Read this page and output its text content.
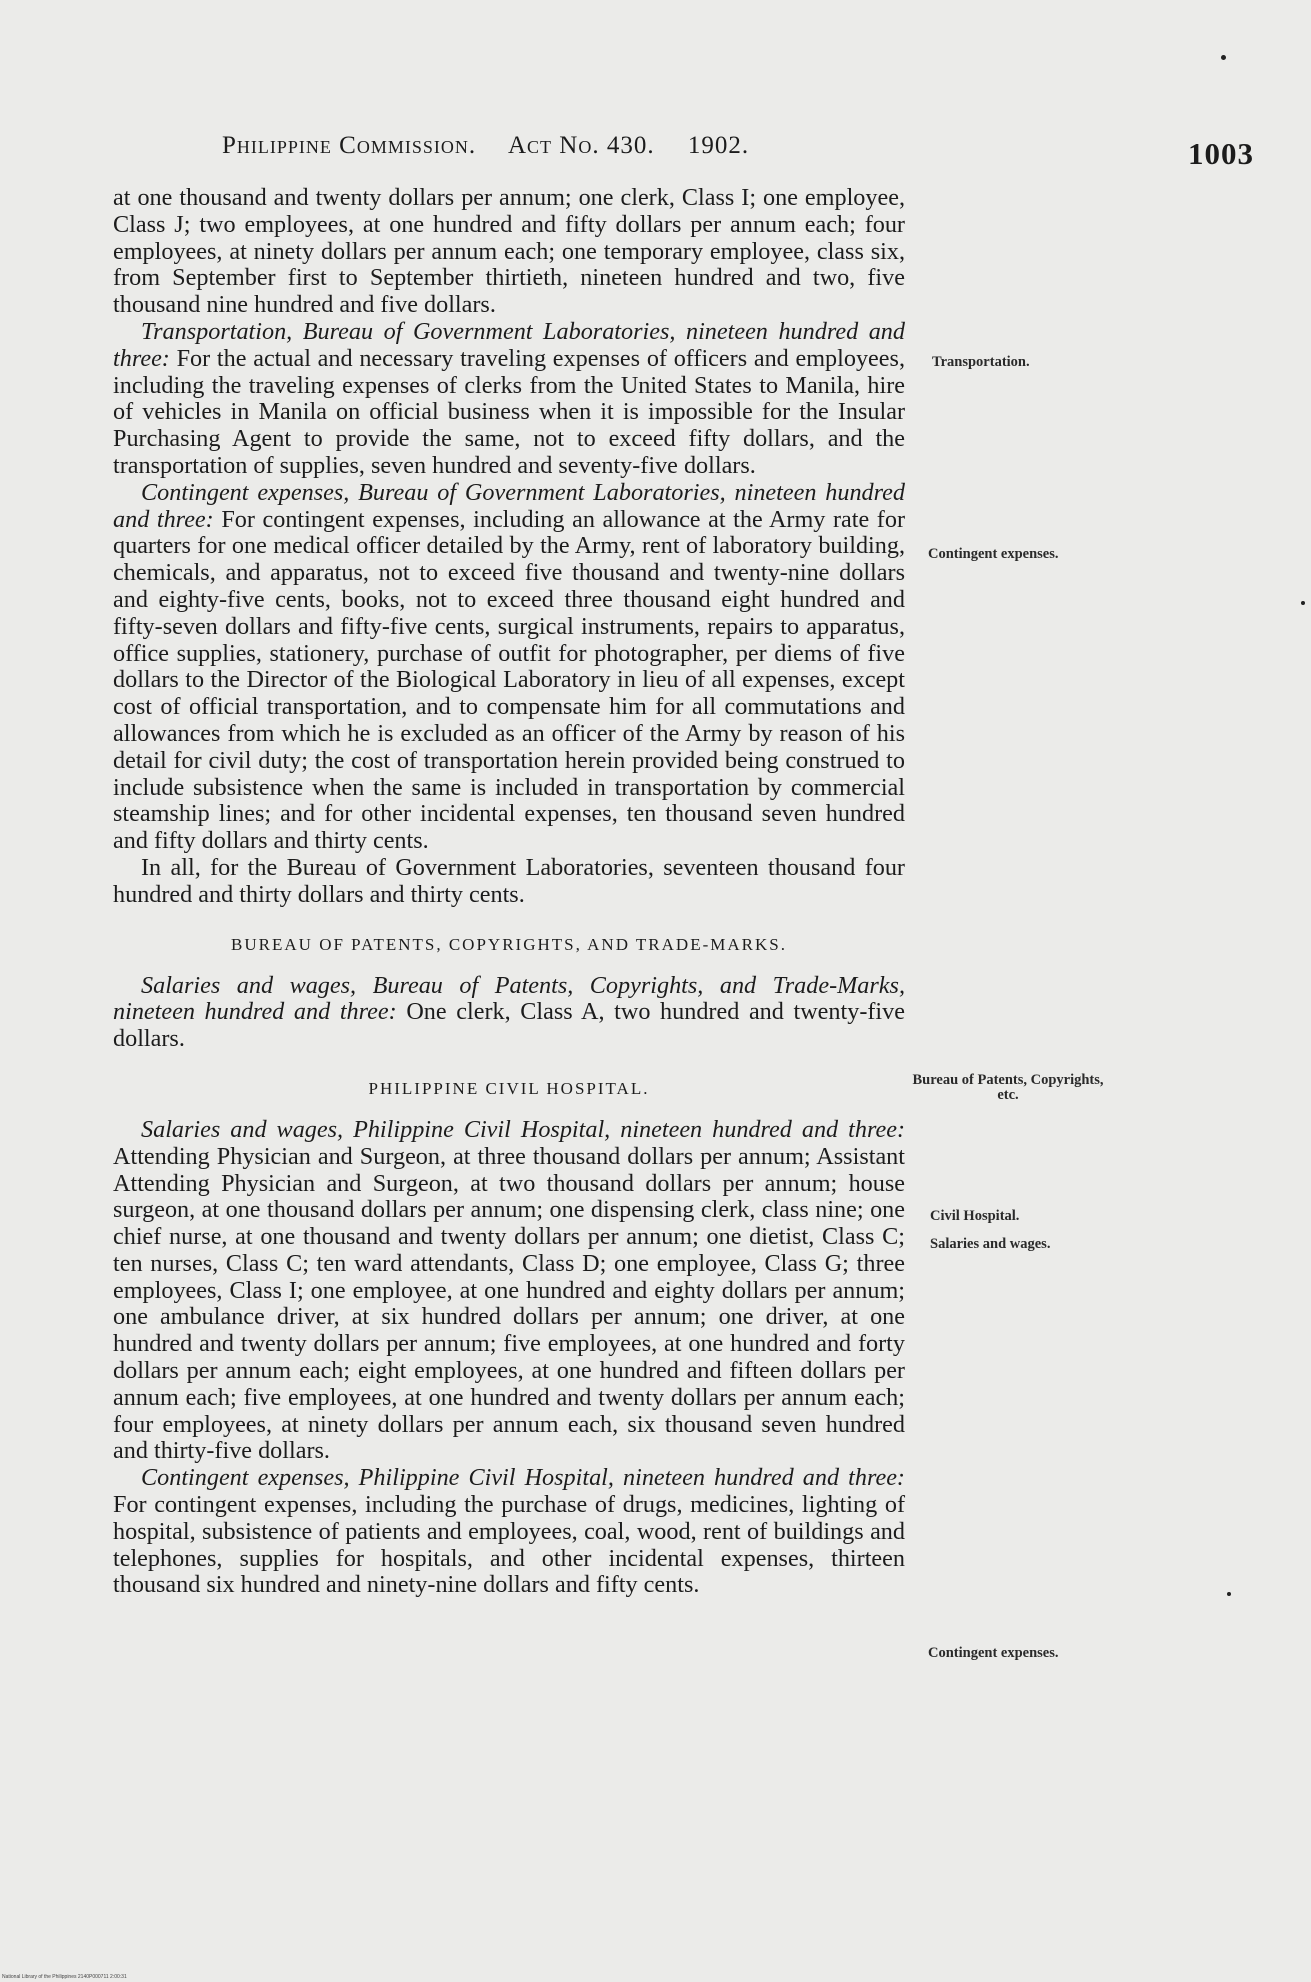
Philippine Commission. Act No. 430. 1902.	1003

at one thousand and twenty dollars per annum; one clerk, Class I; one employee, Class J; two employees, at one hundred and fifty dollars per annum each; four employees, at ninety dollars per annum each; one temporary employee, class six, from September first to September thirtieth, nineteen hundred and two, five thousand nine hundred and five dollars.

Transportation, Bureau of Government Laboratories, nineteen hundred and three: For the actual and necessary traveling expenses of officers and employees, including the traveling expenses of clerks from the United States to Manila, hire of vehicles in Manila on official business when it is impossible for the Insular Purchasing Agent to provide the same, not to exceed fifty dollars, and the transportation of supplies, seven hundred and seventy-five dollars.

Contingent expenses, Bureau of Government Laboratories, nineteen hundred and three: For contingent expenses, including an allowance at the Army rate for quarters for one medical officer detailed by the Army, rent of laboratory building, chemicals, and apparatus, not to exceed five thousand and twenty-nine dollars and eighty-five cents, books, not to exceed three thousand eight hundred and fifty-seven dollars and fifty-five cents, surgical instruments, repairs to apparatus, office supplies, stationery, purchase of outfit for photographer, per diems of five dollars to the Director of the Biological Laboratory in lieu of all expenses, except cost of official transportation, and to compensate him for all commutations and allowances from which he is excluded as an officer of the Army by reason of his detail for civil duty; the cost of transportation herein provided being construed to include subsistence when the same is included in transportation by commercial steamship lines; and for other incidental expenses, ten thousand seven hundred and fifty dollars and thirty cents.

In all, for the Bureau of Government Laboratories, seventeen thousand four hundred and thirty dollars and thirty cents.

BUREAU OF PATENTS, COPYRIGHTS, AND TRADE-MARKS.

Salaries and wages, Bureau of Patents, Copyrights, and Trade-Marks, nineteen hundred and three: One clerk, Class A, two hundred and twenty-five dollars.

PHILIPPINE CIVIL HOSPITAL.

Salaries and wages, Philippine Civil Hospital, nineteen hundred and three: Attending Physician and Surgeon, at three thousand dollars per annum; Assistant Attending Physician and Surgeon, at two thousand dollars per annum; house surgeon, at one thousand dollars per annum; one dispensing clerk, class nine; one chief nurse, at one thousand and twenty dollars per annum; one dietist, Class C; ten nurses, Class C; ten ward attendants, Class D; one employee, Class G; three employees, Class I; one employee, at one hundred and eighty dollars per annum; one ambulance driver, at six hundred dollars per annum; one driver, at one hundred and twenty dollars per annum; five employees, at one hundred and forty dollars per annum each; eight employees, at one hundred and fifteen dollars per annum each; five employees, at one hundred and twenty dollars per annum each; four employees, at ninety dollars per annum each, six thousand seven hundred and thirty-five dollars.

Contingent expenses, Philippine Civil Hospital, nineteen hundred and three: For contingent expenses, including the purchase of drugs, medicines, lighting of hospital, subsistence of patients and employees, coal, wood, rent of buildings and telephones, supplies for hospitals, and other incidental expenses, thirteen thousand six hundred and ninety-nine dollars and fifty cents.

Transportation.
Contingent expenses.
Bureau of Patents, Copyrights, etc.
Civil Hospital.
Salaries and wages.
Contingent expenses.
National Library of the Philippines 2140P000711 2:00:31
